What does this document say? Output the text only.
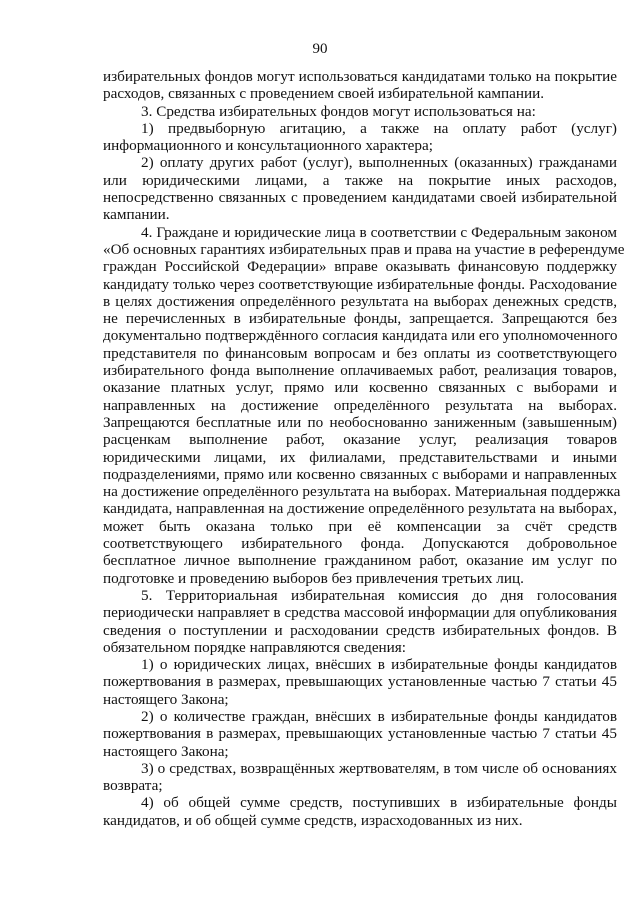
90
избирательных фондов могут использоваться кандидатами только на покрытие
расходов, связанных с проведением своей избирательной кампании.
3. Средства избирательных фондов могут использоваться на:
1) предвыборную агитацию, а также на оплату работ (услуг)
информационного и консультационного характера;
2) оплату других работ (услуг), выполненных (оказанных) гражданами
или юридическими лицами, а также на покрытие иных расходов,
непосредственно связанных с проведением кандидатами своей избирательной
кампании.
4. Граждане и юридические лица в соответствии с Федеральным законом
«Об основных гарантиях избирательных прав и права на участие в референдуме
граждан Российской Федерации» вправе оказывать финансовую поддержку
кандидату только через соответствующие избирательные фонды. Расходование
в целях достижения определённого результата на выборах денежных средств,
не перечисленных в избирательные фонды, запрещается. Запрещаются без
документально подтверждённого согласия кандидата или его уполномоченного
представителя по финансовым вопросам и без оплаты из соответствующего
избирательного фонда выполнение оплачиваемых работ, реализация товаров,
оказание платных услуг, прямо или косвенно связанных с выборами и
направленных на достижение определённого результата на выборах.
Запрещаются бесплатные или по необоснованно заниженным (завышенным)
расценкам выполнение работ, оказание услуг, реализация товаров
юридическими лицами, их филиалами, представительствами и иными
подразделениями, прямо или косвенно связанных с выборами и направленных
на достижение определённого результата на выборах. Материальная поддержка
кандидата, направленная на достижение определённого результата на выборах,
может быть оказана только при её компенсации за счёт средств
соответствующего избирательного фонда. Допускаются добровольное
бесплатное личное выполнение гражданином работ, оказание им услуг по
подготовке и проведению выборов без привлечения третьих лиц.
5. Территориальная избирательная комиссия до дня голосования
периодически направляет в средства массовой информации для опубликования
сведения о поступлении и расходовании средств избирательных фондов. В
обязательном порядке направляются сведения:
1) о юридических лицах, внёсших в избирательные фонды кандидатов
пожертвования в размерах, превышающих установленные частью 7 статьи 45
настоящего Закона;
2) о количестве граждан, внёсших в избирательные фонды кандидатов
пожертвования в размерах, превышающих установленные частью 7 статьи 45
настоящего Закона;
3) о средствах, возвращённых жертвователям, в том числе об основаниях
возврата;
4) об общей сумме средств, поступивших в избирательные фонды
кандидатов, и об общей сумме средств, израсходованных из них.
